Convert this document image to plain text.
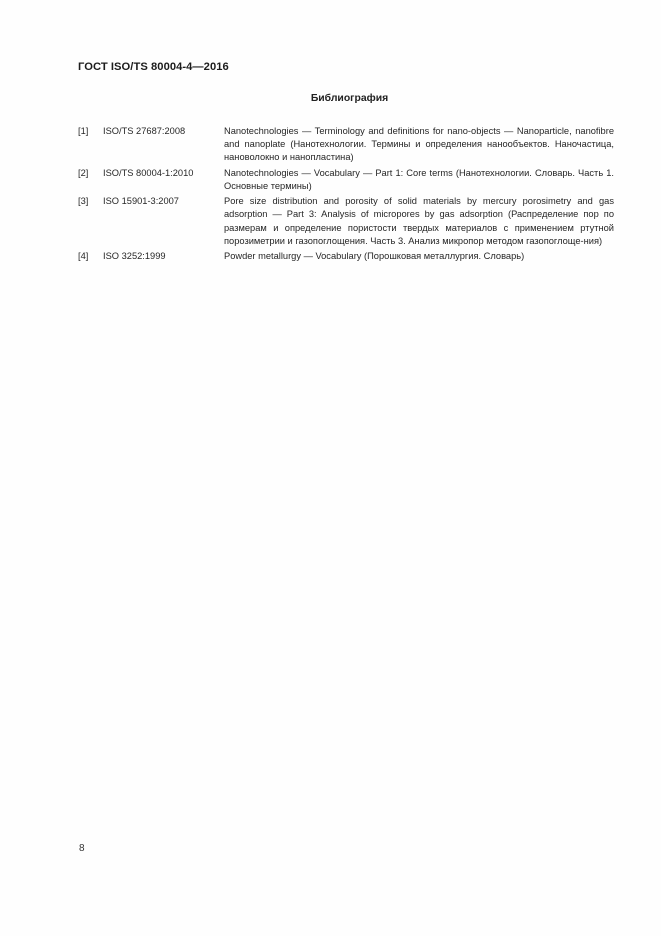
ГОСТ ISO/TS 80004-4—2016
Библиография
[1]	ISO/TS 27687:2008	Nanotechnologies — Terminology and definitions for nano-objects — Nanoparticle, nanofibre and nanoplate (Нанотехнологии. Термины и определения нанообъектов. Наночастица, нановолокно и нанопластина)
[2]	ISO/TS 80004-1:2010	Nanotechnologies — Vocabulary — Part 1: Core terms (Нанотехнологии. Словарь. Часть 1. Основные термины)
[3]	ISO 15901-3:2007	Pore size distribution and porosity of solid materials by mercury porosimetry and gas adsorption — Part 3: Analysis of micropores by gas adsorption (Распределение пор по размерам и определение пористости твердых материалов с применением ртутной порозиметрии и газопоглощения. Часть 3. Анализ микропор методом газопоглоще-ния)
[4]	ISO 3252:1999	Powder metallurgy — Vocabulary (Порошковая металлургия. Словарь)
8
